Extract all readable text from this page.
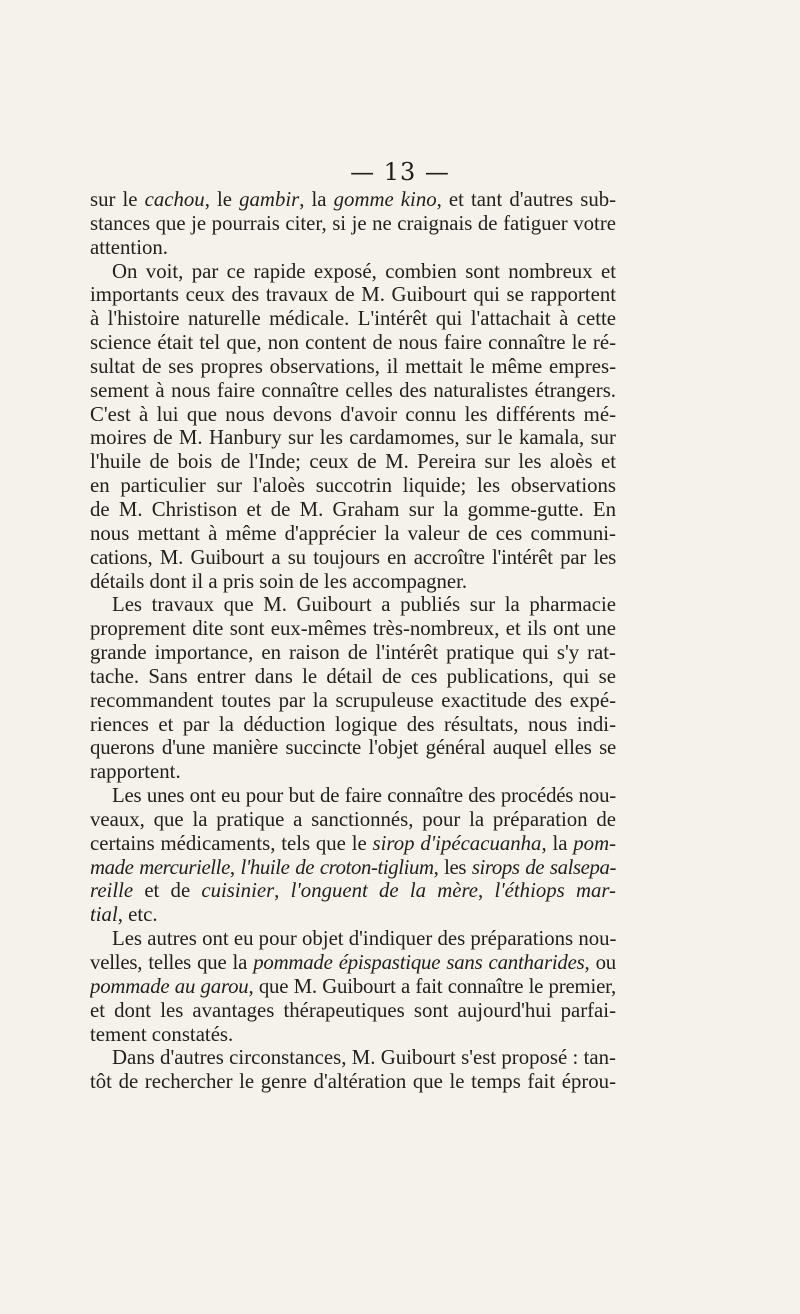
— 13 —
sur le cachou, le gambir, la gomme kino, et tant d'autres sub-
stances que je pourrais citer, si je ne craignais de fatiguer votre
attention.
On voit, par ce rapide exposé, combien sont nombreux et
importants ceux des travaux de M. Guibourt qui se rapportent
à l'histoire naturelle médicale. L'intérêt qui l'attachait à cette
science était tel que, non content de nous faire connaître le ré-
sultat de ses propres observations, il mettait le même empres-
sement à nous faire connaître celles des naturalistes étrangers.
C'est à lui que nous devons d'avoir connu les différents mé-
moires de M. Hanbury sur les cardamomes, sur le kamala, sur
l'huile de bois de l'Inde; ceux de M. Pereira sur les aloès et
en particulier sur l'aloès succotrin liquide; les observations
de M. Christison et de M. Graham sur la gomme-gutte. En
nous mettant à même d'apprécier la valeur de ces communi-
cations, M. Guibourt a su toujours en accroître l'intérêt par les
détails dont il a pris soin de les accompagner.
Les travaux que M. Guibourt a publiés sur la pharmacie
proprement dite sont eux-mêmes très-nombreux, et ils ont une
grande importance, en raison de l'intérêt pratique qui s'y rat-
tache. Sans entrer dans le détail de ces publications, qui se
recommandent toutes par la scrupuleuse exactitude des expé-
riences et par la déduction logique des résultats, nous indi-
querons d'une manière succincte l'objet général auquel elles se
rapportent.
Les unes ont eu pour but de faire connaître des procédés nou-
veaux, que la pratique a sanctionnés, pour la préparation de
certains médicaments, tels que le sirop d'ipécacuanha, la pom-
made mercurielle, l'huile de croton-tiglium, les sirops de salsepa-
reille et de cuisinier, l'onguent de la mère, l'éthiops mar-
tial, etc.
Les autres ont eu pour objet d'indiquer des préparations nou-
velles, telles que la pommade épispastique sans cantharides, ou
pommade au garou, que M. Guibourt a fait connaître le premier,
et dont les avantages thérapeutiques sont aujourd'hui parfai-
tement constatés.
Dans d'autres circonstances, M. Guibourt s'est proposé : tan-
tôt de rechercher le genre d'altération que le temps fait éprou-
